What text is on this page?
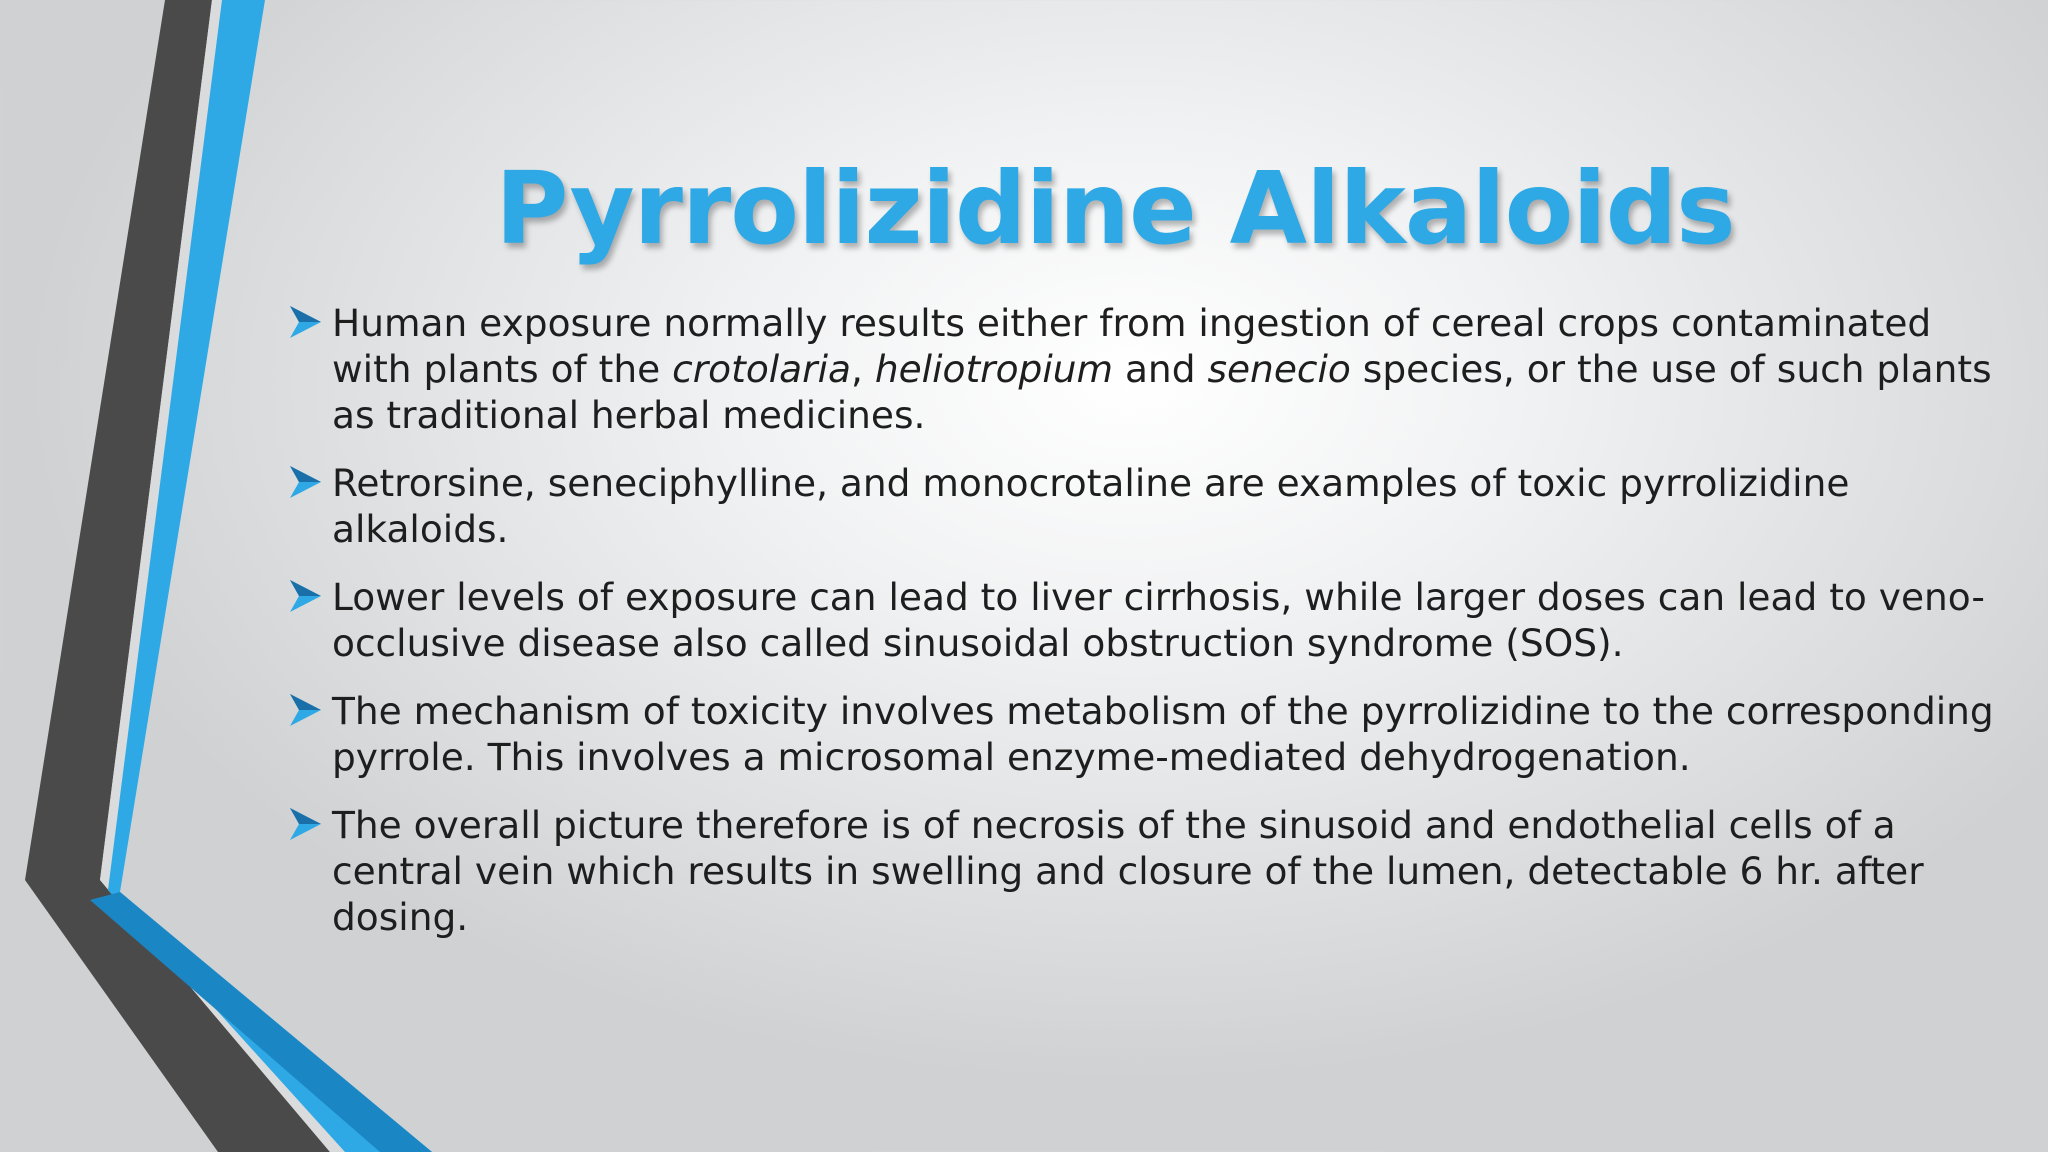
Pyrrolizidine Alkaloids
Human exposure normally results either from ingestion of cereal crops contaminated with plants of the crotolaria, heliotropium and senecio species, or the use of such plants as traditional herbal medicines.
Retrorsine, seneciphylline, and monocrotaline are examples of toxic pyrrolizidine alkaloids.
Lower levels of exposure can lead to liver cirrhosis, while larger doses can lead to veno-occlusive disease also called sinusoidal obstruction syndrome (SOS).
The mechanism of toxicity involves metabolism of the pyrrolizidine to the corresponding pyrrole. This involves a microsomal enzyme-mediated dehydrogenation.
The overall picture therefore is of necrosis of the sinusoid and endothelial cells of a central vein which results in swelling and closure of the lumen, detectable 6 hr. after dosing.
